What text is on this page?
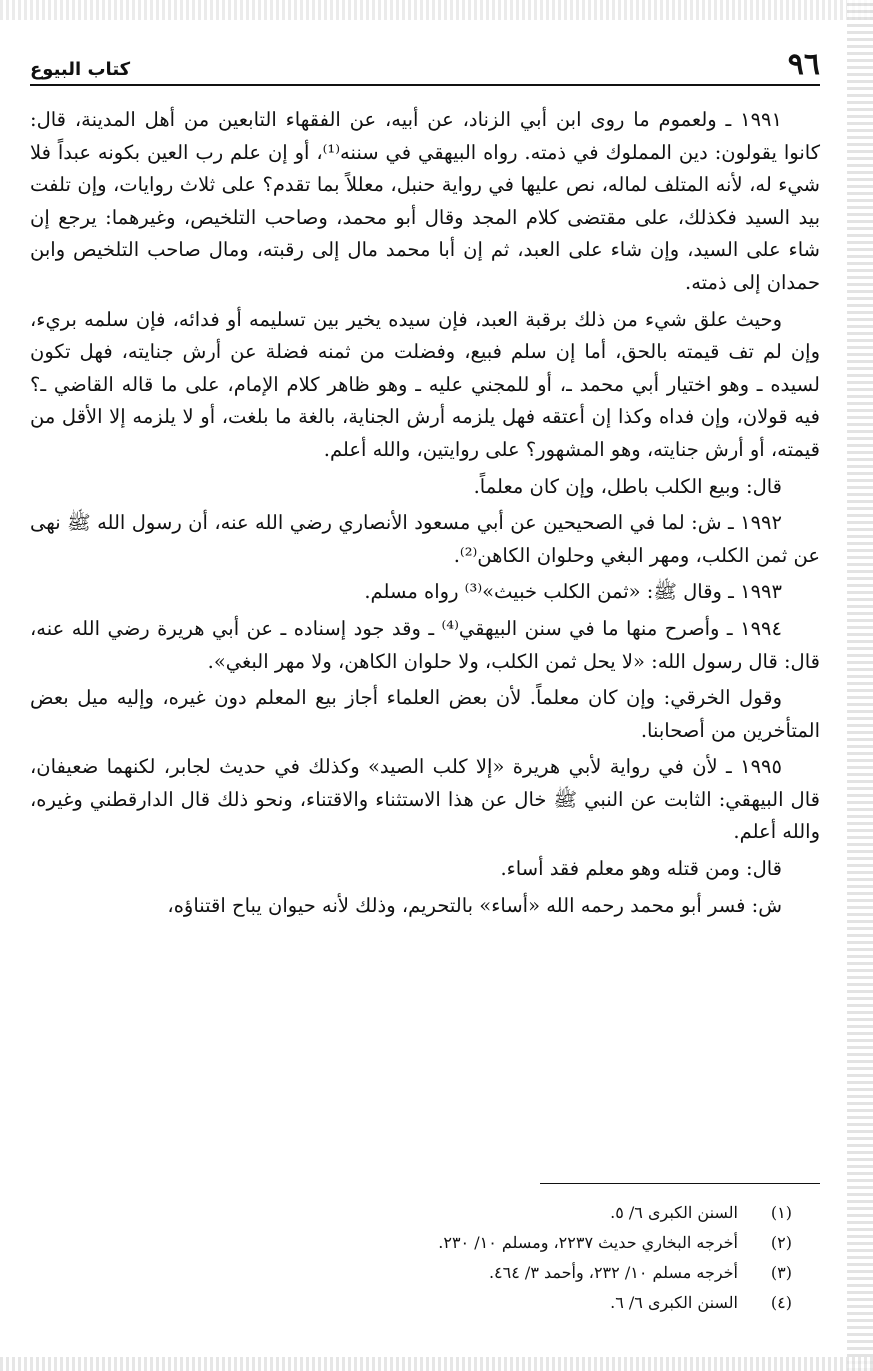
٩٦
كتاب البيوع

١٩٩١ ـ ولعموم ما روى ابن أبي الزناد، عن أبيه، عن الفقهاء التابعين من أهل المدينة، قال: كانوا يقولون: دين المملوك في ذمته. رواه البيهقي في سننه⁽¹⁾، أو إن علم رب العين بكونه عبداً فلا شيء له، لأنه المتلف لماله، نص عليها في رواية حنبل، معللاً بما تقدم؟ على ثلاث روايات، وإن تلفت بيد السيد فكذلك، على مقتضى كلام المجد وقال أبو محمد، وصاحب التلخيص، وغيرهما: يرجع إن شاء على السيد، وإن شاء على العبد، ثم إن أبا محمد مال إلى رقبته، ومال صاحب التلخيص وابن حمدان إلى ذمته.

وحيث علق شيء من ذلك برقبة العبد، فإن سيده يخير بين تسليمه أو فدائه، فإن سلمه بريء، وإن لم تف قيمته بالحق، أما إن سلم فبيع، وفضلت من ثمنه فضلة عن أرش جنايته، فهل تكون لسيده ـ وهو اختيار أبي محمد ـ، أو للمجني عليه ـ وهو ظاهر كلام الإمام، على ما قاله القاضي ـ؟ فيه قولان، وإن فداه وكذا إن أعتقه فهل يلزمه أرش الجناية، بالغة ما بلغت، أو لا يلزمه إلا الأقل من قيمته، أو أرش جنايته، وهو المشهور؟ على روايتين، والله أعلم.

قال: وبيع الكلب باطل، وإن كان معلماً.

١٩٩٢ ـ ش: لما في الصحيحين عن أبي مسعود الأنصاري رضي الله عنه، أن رسول الله ﷺ نهى عن ثمن الكلب، ومهر البغي وحلوان الكاهن⁽²⁾.

١٩٩٣ ـ وقال ﷺ: «ثمن الكلب خبيث»⁽³⁾ رواه مسلم.

١٩٩٤ ـ وأصرح منها ما في سنن البيهقي⁽⁴⁾ ـ وقد جود إسناده ـ عن أبي هريرة رضي الله عنه، قال: قال رسول الله: «لا يحل ثمن الكلب، ولا حلوان الكاهن، ولا مهر البغي».

وقول الخرقي: وإن كان معلماً. لأن بعض العلماء أجاز بيع المعلم دون غيره، وإليه ميل بعض المتأخرين من أصحابنا.

١٩٩٥ ـ لأن في رواية لأبي هريرة «إلا كلب الصيد» وكذلك في حديث لجابر، لكنهما ضعيفان، قال البيهقي: الثابت عن النبي ﷺ خال عن هذا الاستثناء والاقتناء، ونحو ذلك قال الدارقطني وغيره، والله أعلم.

قال: ومن قتله وهو معلم فقد أساء.

ش: فسر أبو محمد رحمه الله «أساء» بالتحريم، وذلك لأنه حيوان يباح اقتناؤه،

(١)
السنن الكبرى ٦/ ٥.
(٢)
أخرجه البخاري حديث ٢٢٣٧، ومسلم ١٠/ ٢٣٠.
(٣)
أخرجه مسلم ١٠/ ٢٣٢، وأحمد ٣/ ٤٦٤.
(٤)
السنن الكبرى ٦/ ٦.
